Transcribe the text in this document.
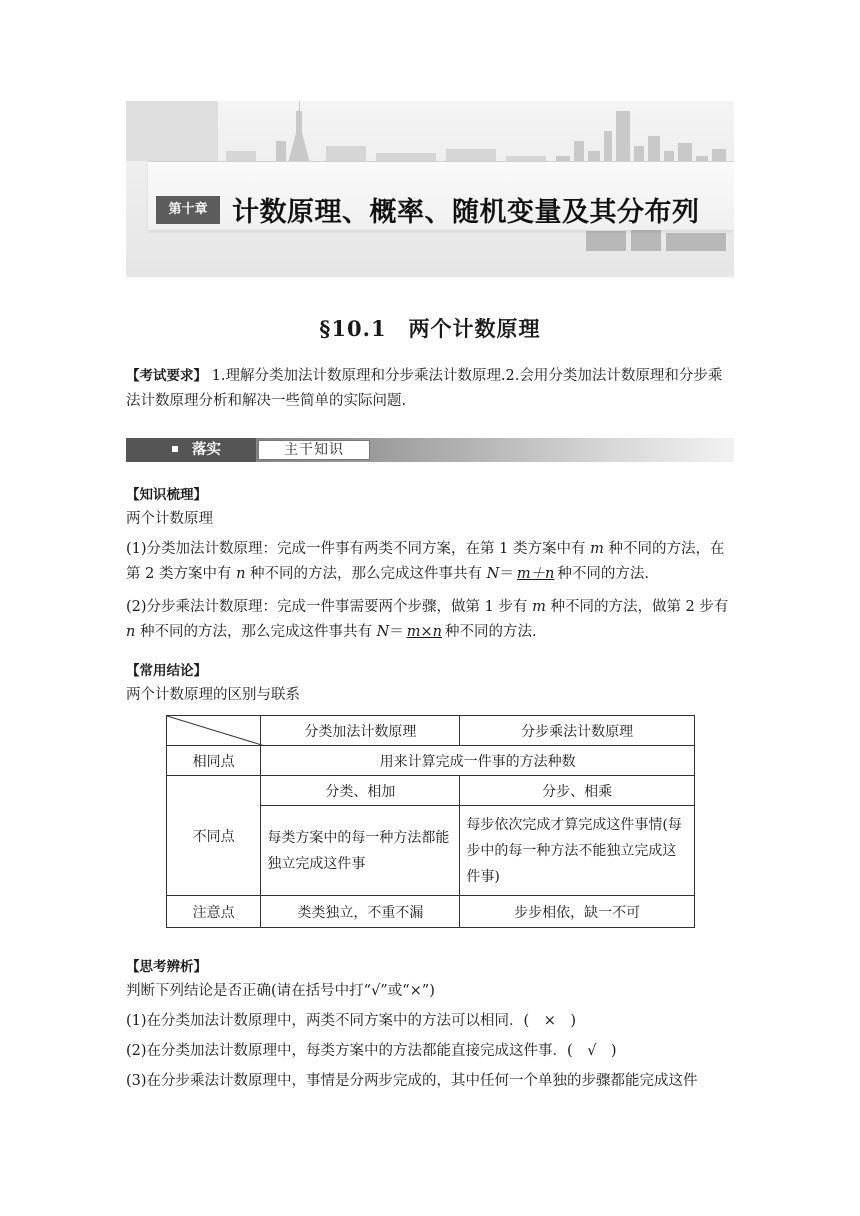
第十章 计数原理、概率、随机变量及其分布列
§10.1　两个计数原理
【考试要求】 1.理解分类加法计数原理和分步乘法计数原理.2.会用分类加法计数原理和分步乘法计数原理分析和解决一些简单的实际问题.
落实	主干知识
【知识梳理】
两个计数原理
(1)分类加法计数原理：完成一件事有两类不同方案，在第 1 类方案中有 m 种不同的方法，在第 2 类方案中有 n 种不同的方法，那么完成这件事共有 N＝ m＋n 种不同的方法.
(2)分步乘法计数原理：完成一件事需要两个步骤，做第 1 步有 m 种不同的方法，做第 2 步有 n 种不同的方法，那么完成这件事共有 N＝ m×n 种不同的方法.
【常用结论】
两个计数原理的区别与联系
	分类加法计数原理	分步乘法计数原理
相同点	用来计算完成一件事的方法种数	
不同点	分类、相加	分步、相乘
	每类方案中的每一种方法都能独立完成这件事	每步依次完成才算完成这件事情(每步中的每一种方法不能独立完成这件事)
注意点	类类独立，不重不漏	步步相依，缺一不可
【思考辨析】
判断下列结论是否正确(请在括号中打“√”或“×”)
(1)在分类加法计数原理中，两类不同方案中的方法可以相同．(　×　)
(2)在分类加法计数原理中，每类方案中的方法都能直接完成这件事．(　√　)
(3)在分步乘法计数原理中，事情是分两步完成的，其中任何一个单独的步骤都能完成这件
